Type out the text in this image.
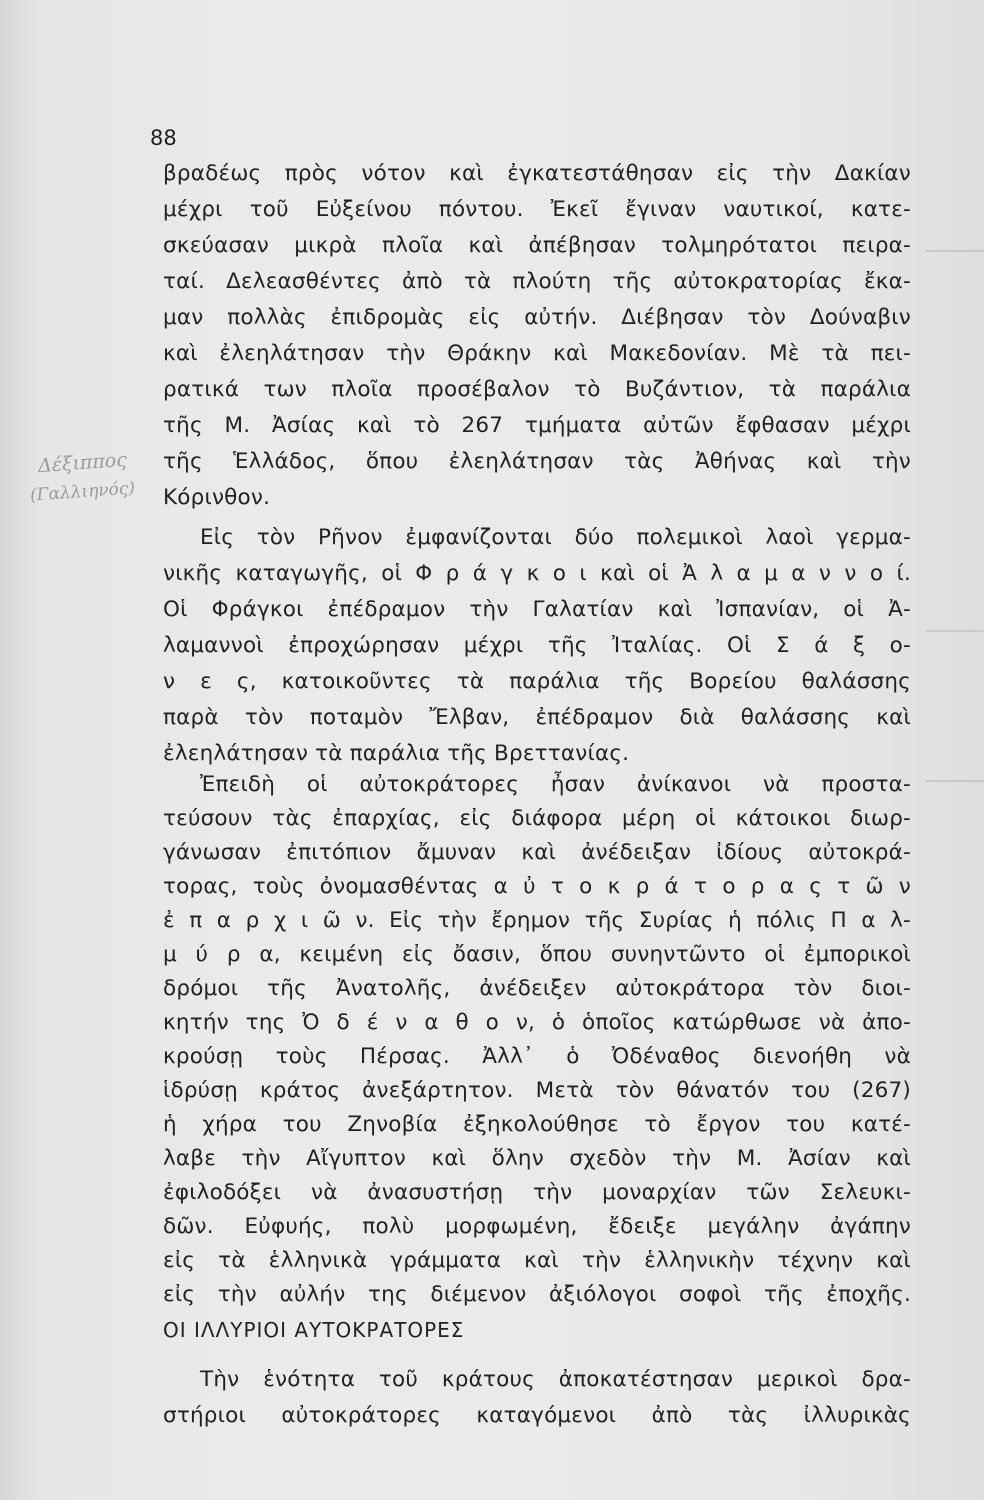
88
Δέξιππος
(Γαλλιηνός)
βραδέως πρὸς νότον καὶ ἐγκατεστάθησαν εἰς τὴν Δακίαν
μέχρι τοῦ Εὐξείνου πόντου. Ἐκεῖ ἔγιναν ναυτικοί, κατε-
σκεύασαν μικρὰ πλοῖα καὶ ἀπέβησαν τολμηρότατοι πειρα-
ταί. Δελεασθέντες ἀπὸ τὰ πλούτη τῆς αὐτοκρατορίας ἔκα-
μαν πολλὰς ἐπιδρομὰς εἰς αὐτήν. Διέβησαν τὸν Δούναβιν
καὶ ἐλεηλάτησαν τὴν Θράκην καὶ Μακεδονίαν. Μὲ τὰ πει-
ρατικά των πλοῖα προσέβαλον τὸ Βυζάντιον, τὰ παράλια
τῆς Μ. Ἀσίας καὶ τὸ 267 τμήματα αὐτῶν ἔφθασαν μέχρι
τῆς Ἑλλάδος, ὅπου ἐλεηλάτησαν τὰς Ἀθήνας καὶ τὴν
Κόρινθον.
Εἰς τὸν Ρῆνον ἐμφανίζονται δύο πολεμικοὶ λαοὶ γερμα-
νικῆς καταγωγῆς, οἱ Φ ρ ά γ κ ο ι καὶ οἱ Ἀ λ α μ α ν ν ο ί.
Οἱ Φράγκοι ἐπέδραμον τὴν Γαλατίαν καὶ Ἰσπανίαν, οἱ Ἀ-
λαμαννοὶ ἐπροχώρησαν μέχρι τῆς Ἰταλίας. Οἱ Σ ά ξ ο-
ν ε ς, κατοικοῦντες τὰ παράλια τῆς Βορείου θαλάσσης
παρὰ τὸν ποταμὸν Ἔλβαν, ἐπέδραμον διὰ θαλάσσης καὶ
ἐλεηλάτησαν τὰ παράλια τῆς Βρεττανίας.
Ἐπειδὴ οἱ αὐτοκράτορες ἦσαν ἀνίκανοι νὰ προστα-
τεύσουν τὰς ἐπαρχίας, εἰς διάφορα μέρη οἱ κάτοικοι διωρ-
γάνωσαν ἐπιτόπιον ἄμυναν καὶ ἀνέδειξαν ἰδίους αὐτοκρά-
τορας, τοὺς ὀνομασθέντας α ὐ τ ο κ ρ ά τ ο ρ α ς τ ῶ ν
ἐ π α ρ χ ι ῶ ν. Εἰς τὴν ἔρημον τῆς Συρίας ἡ πόλις Π α λ-
μ ύ ρ α, κειμένη εἰς ὄασιν, ὅπου συνηντῶντο οἱ ἐμπορικοὶ
δρόμοι τῆς Ἀνατολῆς, ἀνέδειξεν αὐτοκράτορα τὸν διοι-
κητήν της Ὀ δ έ ν α θ ο ν, ὁ ὁποῖος κατώρθωσε νὰ ἀπο-
κρούσῃ τοὺς Πέρσας. Ἀλλ᾽ ὁ Ὀδέναθος διενοήθη νὰ
ἱδρύσῃ κράτος ἀνεξάρτητον. Μετὰ τὸν θάνατόν του (267)
ἡ χήρα του Ζηνοβία ἐξηκολούθησε τὸ ἔργον του κατέ-
λαβε τὴν Αἴγυπτον καὶ ὅλην σχεδὸν τὴν Μ. Ἀσίαν καὶ
ἐφιλοδόξει νὰ ἀνασυστήσῃ τὴν μοναρχίαν τῶν Σελευκι-
δῶν. Εὐφυής, πολὺ μορφωμένη, ἔδειξε μεγάλην ἀγάπην
εἰς τὰ ἑλληνικὰ γράμματα καὶ τὴν ἑλληνικὴν τέχνην καὶ
ΟΙ ΙΛΛΥΡΙΟΙ ΑΥΤΟΚΡΑΤΟΡΕΣ
Τὴν ἑνότητα τοῦ κράτους ἀποκατέστησαν μερικοὶ δρα-
στήριοι αὐτοκράτορες καταγόμενοι ἀπὸ τὰς ἰλλυρικὰς
εἰς τὴν αὐλήν της διέμενον ἀξιόλογοι σοφοὶ τῆς ἐποχῆς.
